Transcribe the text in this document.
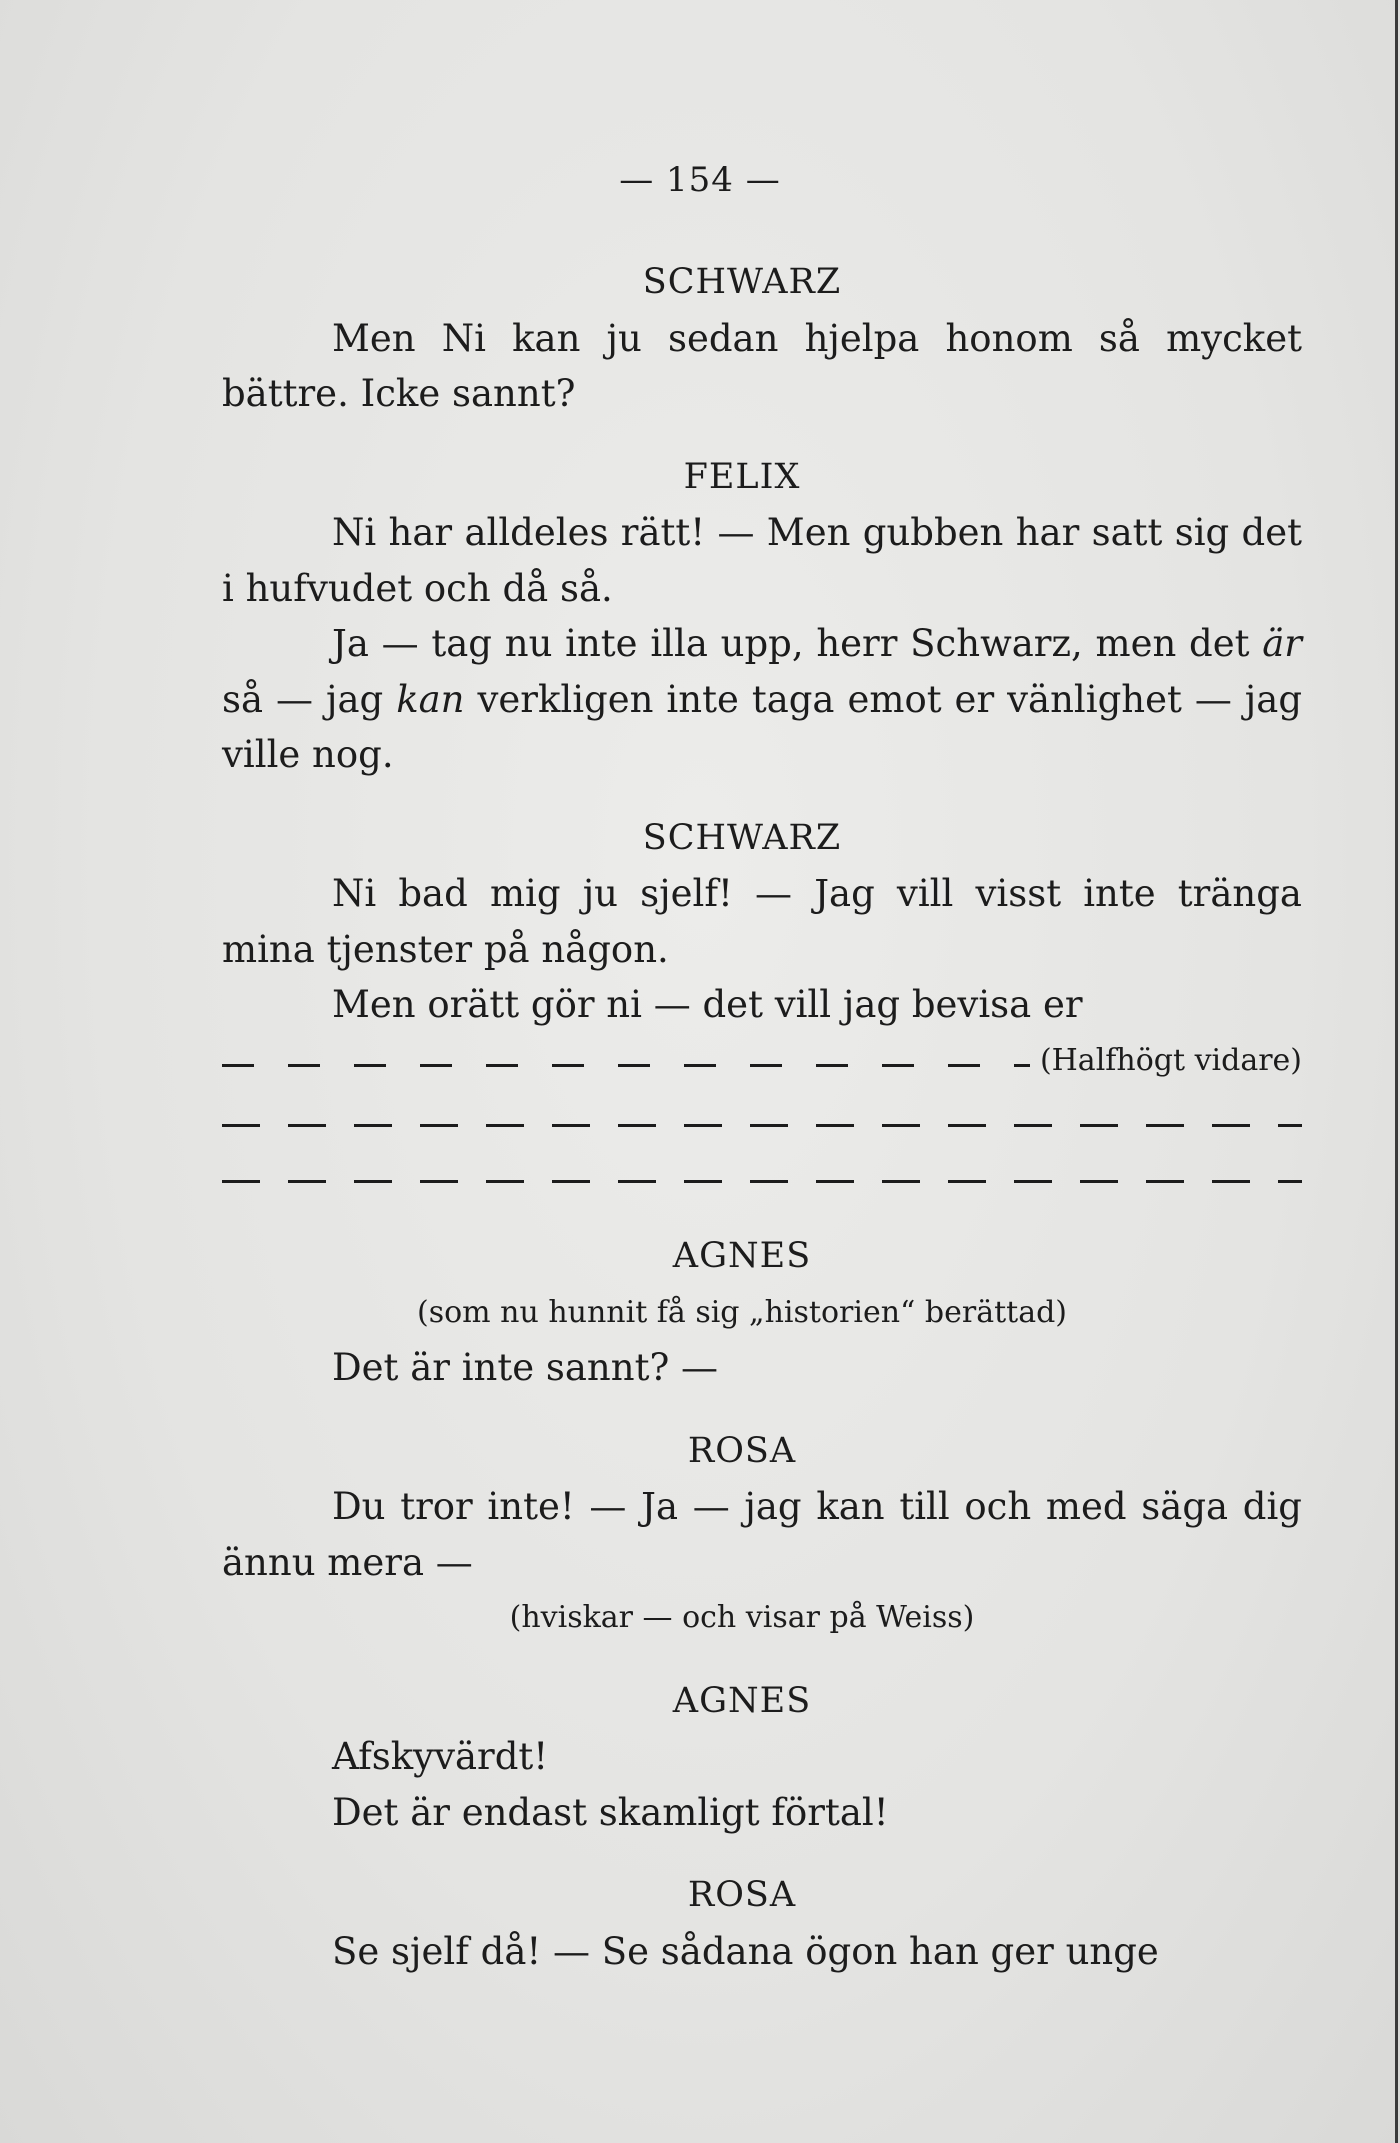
— 154 —
SCHWARZ

Men Ni kan ju sedan hjelpa honom så mycket bättre. Icke sannt?

FELIX

Ni har alldeles rätt! — Men gubben har satt sig det i hufvudet och då så.

Ja — tag nu inte illa upp, herr Schwarz, men det är så — jag kan verkligen inte taga emot er vänlighet — jag ville nog.

SCHWARZ

Ni bad mig ju sjelf! — Jag vill visst inte tränga mina tjenster på någon.

Men orätt gör ni — det vill jag bevisa er

(Halfhögt vidare)
AGNES
(som nu hunnit få sig „historien“ berättad)

Det är inte sannt? —

ROSA

Du tror inte! — Ja — jag kan till och med säga dig ännu mera —

(hviskar — och visar på Weiss)
AGNES

Afskyvärdt!

Det är endast skamligt förtal!

ROSA

Se sjelf då! — Se sådana ögon han ger unge
